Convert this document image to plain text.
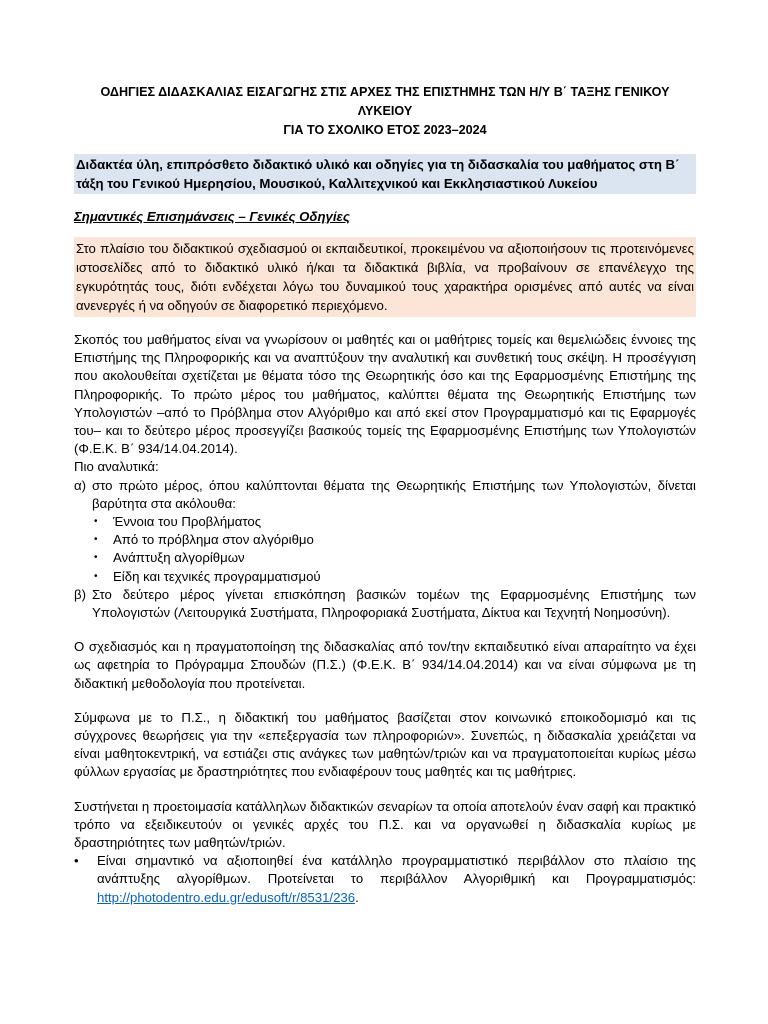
ΟΔΗΓΙΕΣ ΔΙΔΑΣΚΑΛΙΑΣ ΕΙΣΑΓΩΓΗΣ ΣΤΙΣ ΑΡΧΕΣ ΤΗΣ ΕΠΙΣΤΗΜΗΣ ΤΩΝ Η/Υ Β΄ ΤΑΞΗΣ ΓΕΝΙΚΟΥ ΛΥΚΕΙΟΥ
ΓΙΑ ΤΟ ΣΧΟΛΙΚΟ ΕΤΟΣ 2023–2024
Διδακτέα ύλη, επιπρόσθετο διδακτικό υλικό και οδηγίες για τη διδασκαλία του μαθήματος στη Β΄ τάξη του Γενικού Ημερησίου, Μουσικού, Καλλιτεχνικού και Εκκλησιαστικού Λυκείου
Σημαντικές Επισημάνσεις – Γενικές Οδηγίες
Στο πλαίσιο του διδακτικού σχεδιασμού οι εκπαιδευτικοί, προκειμένου να αξιοποιήσουν τις προτεινόμενες ιστοσελίδες από το διδακτικό υλικό ή/και τα διδακτικά βιβλία, να προβαίνουν σε επανέλεγχο της εγκυρότητάς τους, διότι ενδέχεται λόγω του δυναμικού τους χαρακτήρα ορισμένες από αυτές να είναι ανενεργές ή να οδηγούν σε διαφορετικό περιεχόμενο.

Σκοπός του μαθήματος είναι να γνωρίσουν οι μαθητές και οι μαθήτριες τομείς και θεμελιώδεις έννοιες της Επιστήμης της Πληροφορικής και να αναπτύξουν την αναλυτική και συνθετική τους σκέψη. Η προσέγγιση που ακολουθείται σχετίζεται με θέματα τόσο της Θεωρητικής όσο και της Εφαρμοσμένης Επιστήμης της Πληροφορικής. Το πρώτο μέρος του μαθήματος, καλύπτει θέματα της Θεωρητικής Επιστήμης των Υπολογιστών –από το Πρόβλημα στον Αλγόριθμο και από εκεί στον Προγραμματισμό και τις Εφαρμογές του– και το δεύτερο μέρος προσεγγίζει βασικούς τομείς της Εφαρμοσμένης Επιστήμης των Υπολογιστών (Φ.Ε.Κ. Β΄ 934/14.04.2014).

Πιο αναλυτικά:

α) στο πρώτο μέρος, όπου καλύπτονται θέματα της Θεωρητικής Επιστήμης των Υπολογιστών, δίνεται βαρύτητα στα ακόλουθα:
•	Έννοια του Προβλήματος
•	Από το πρόβλημα στον αλγόριθμο
•	Ανάπτυξη αλγορίθμων
•	Είδη και τεχνικές προγραμματισμού
β) Στο δεύτερο μέρος γίνεται επισκόπηση βασικών τομέων της Εφαρμοσμένης Επιστήμης των Υπολογιστών (Λειτουργικά Συστήματα, Πληροφοριακά Συστήματα, Δίκτυα και Τεχνητή Νοημοσύνη).

Ο σχεδιασμός και η πραγματοποίηση της διδασκαλίας από τον/την εκπαιδευτικό είναι απαραίτητο να έχει ως αφετηρία το Πρόγραμμα Σπουδών (Π.Σ.) (Φ.Ε.Κ. Β΄ 934/14.04.2014) και να είναι σύμφωνα με τη διδακτική μεθοδολογία που προτείνεται.

Σύμφωνα με το Π.Σ., η διδακτική του μαθήματος βασίζεται στον κοινωνικό εποικοδομισμό και τις σύγχρονες θεωρήσεις για την «επεξεργασία των πληροφοριών». Συνεπώς, η διδασκαλία χρειάζεται να είναι μαθητοκεντρική, να εστιάζει στις ανάγκες των μαθητών/τριών και να πραγματοποιείται κυρίως μέσω φύλλων εργασίας με δραστηριότητες που ενδιαφέρουν τους μαθητές και τις μαθήτριες.

Συστήνεται η προετοιμασία κατάλληλων διδακτικών σεναρίων τα οποία αποτελούν έναν σαφή και πρακτικό τρόπο να εξειδικευτούν οι γενικές αρχές του Π.Σ. και να οργανωθεί η διδασκαλία κυρίως με δραστηριότητες των μαθητών/τριών.

•	Είναι σημαντικό να αξιοποιηθεί ένα κατάλληλο προγραμματιστικό περιβάλλον στο πλαίσιο της ανάπτυξης αλγορίθμων. Προτείνεται το περιβάλλον Αλγοριθμική και Προγραμματισμός: http://photodentro.edu.gr/edusoft/r/8531/236.
